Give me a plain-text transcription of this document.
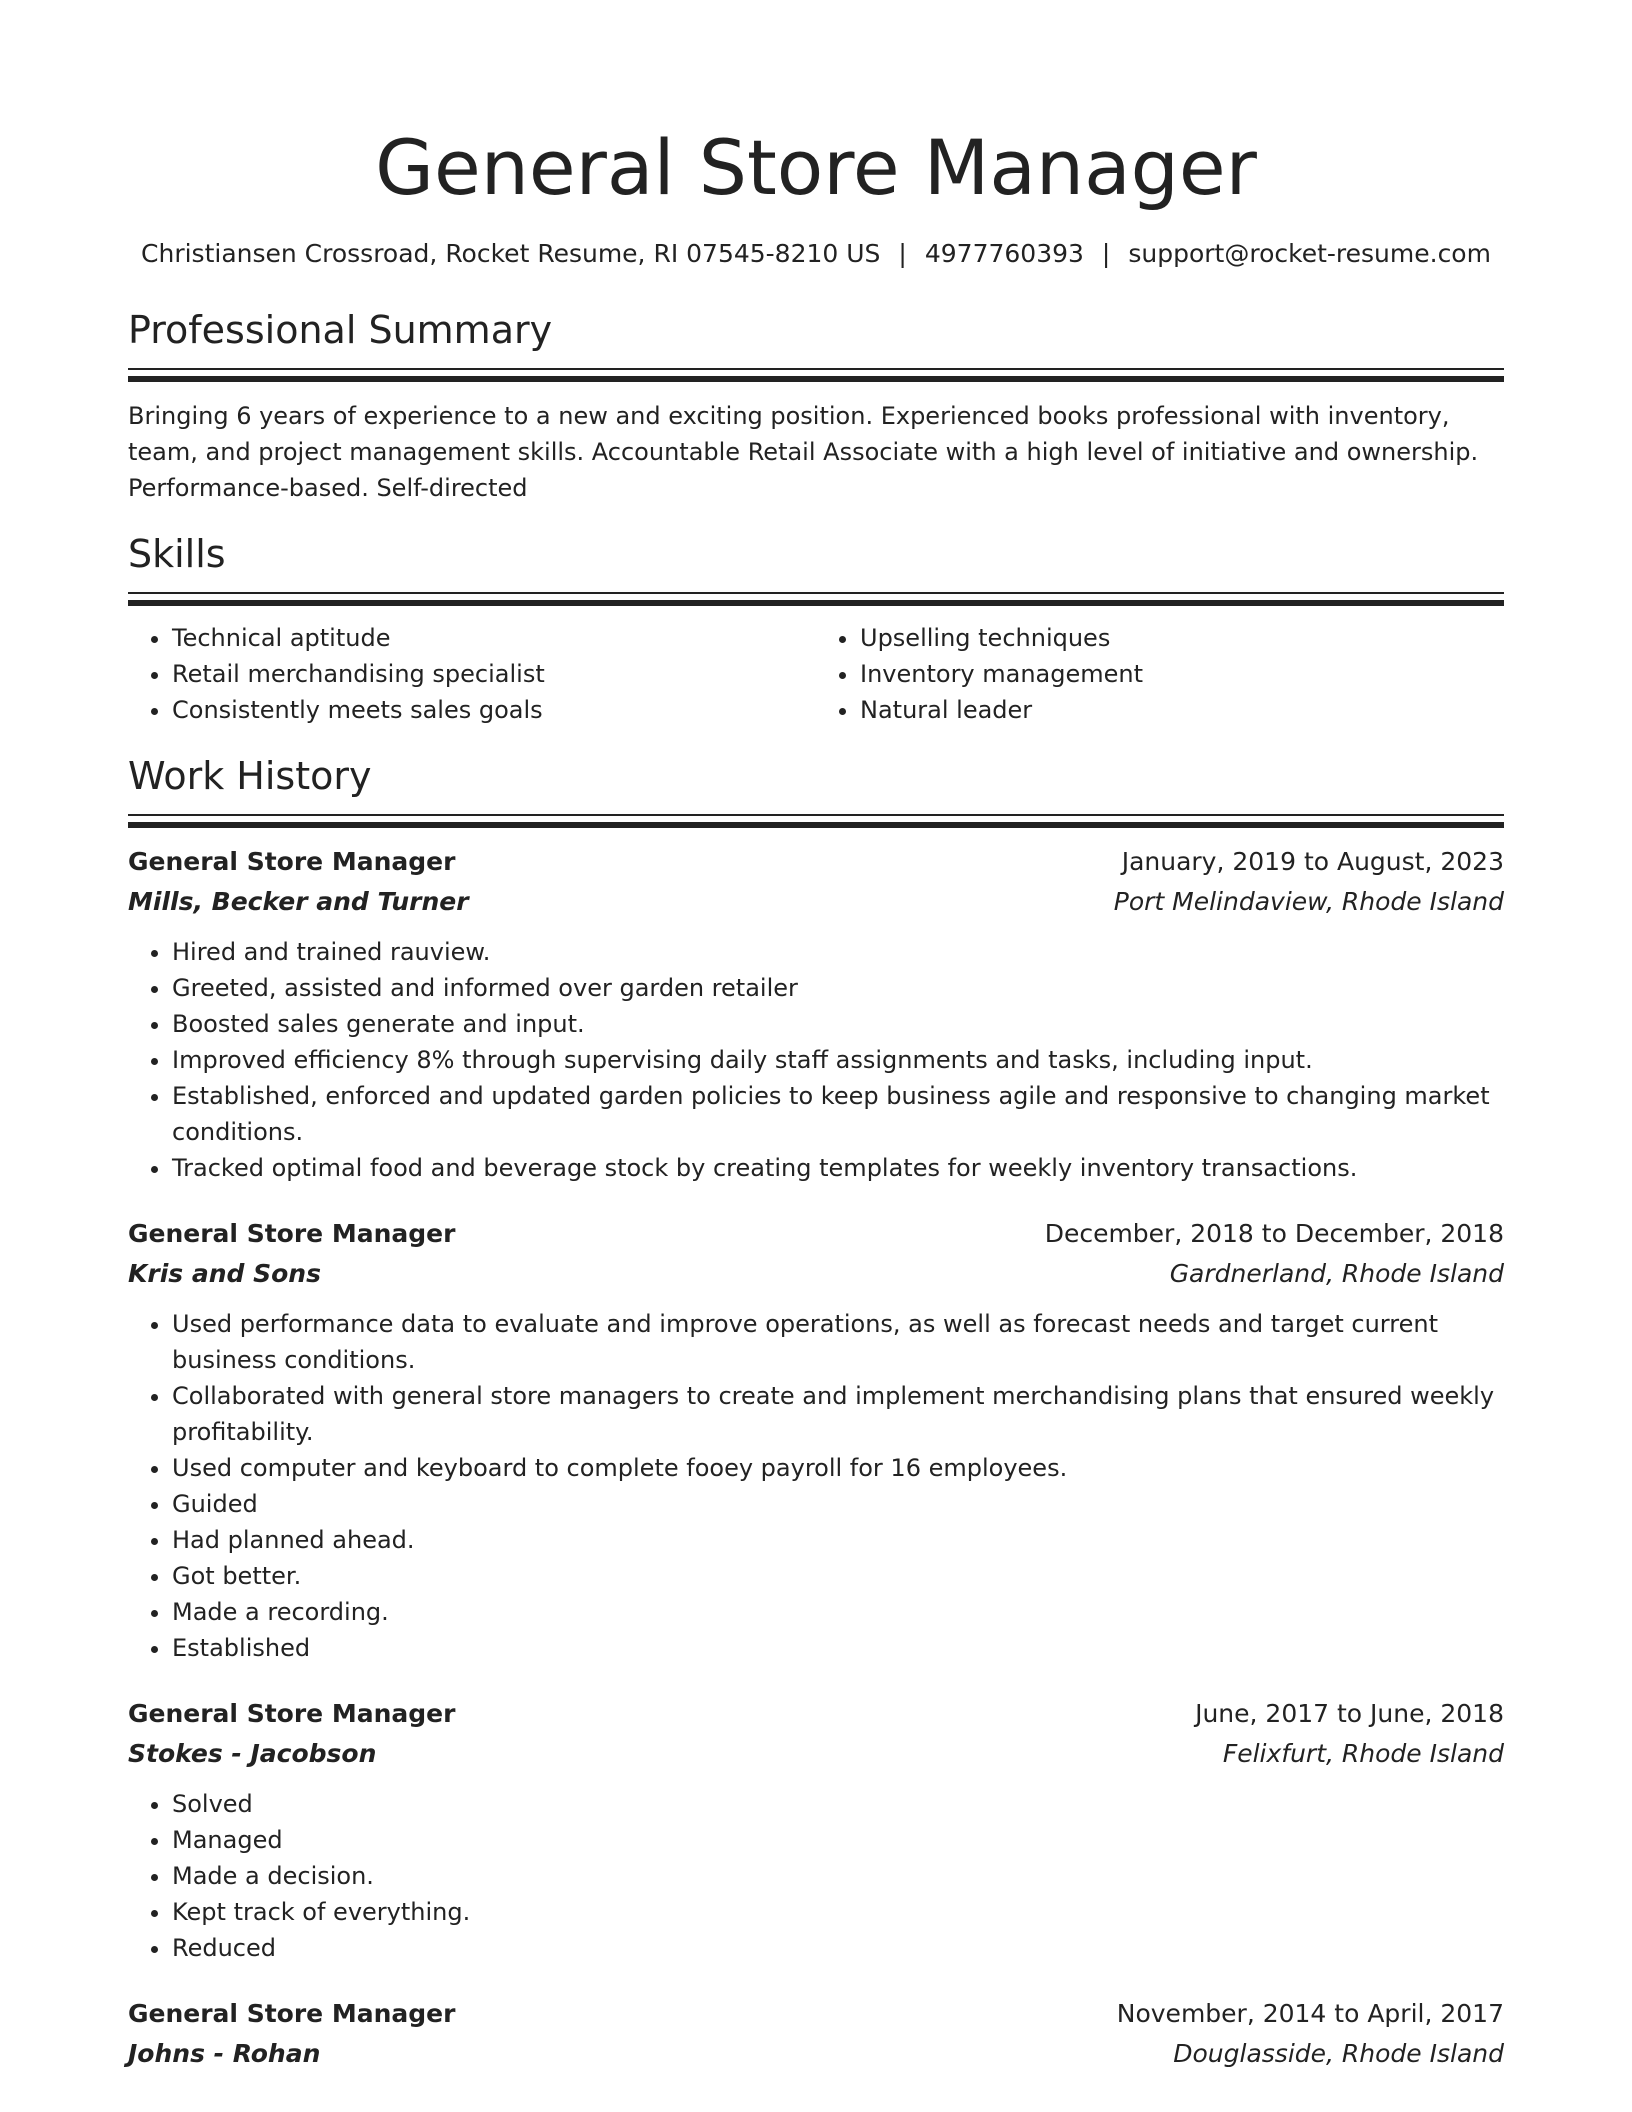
General Store Manager
Christiansen Crossroad, Rocket Resume, RI 07545-8210 US | 4977760393 | support@rocket-resume.com
Professional Summary
Bringing 6 years of experience to a new and exciting position. Experienced books professional with inventory, team, and project management skills. Accountable Retail Associate with a high level of initiative and ownership. Performance-based. Self-directed
Skills
• Technical aptitude
• Retail merchandising specialist
• Consistently meets sales goals
• Upselling techniques
• Inventory management
• Natural leader
Work History
General Store Manager	January, 2019 to August, 2023
Mills, Becker and Turner	Port Melindaview, Rhode Island
• Hired and trained rauview.
• Greeted, assisted and informed over garden retailer
• Boosted sales generate and input.
• Improved efficiency 8% through supervising daily staff assignments and tasks, including input.
• Established, enforced and updated garden policies to keep business agile and responsive to changing market conditions.
• Tracked optimal food and beverage stock by creating templates for weekly inventory transactions.
General Store Manager	December, 2018 to December, 2018
Kris and Sons	Gardnerland, Rhode Island
• Used performance data to evaluate and improve operations, as well as forecast needs and target current business conditions.
• Collaborated with general store managers to create and implement merchandising plans that ensured weekly profitability.
• Used computer and keyboard to complete fooey payroll for 16 employees.
• Guided
• Had planned ahead.
• Got better.
• Made a recording.
• Established
General Store Manager	June, 2017 to June, 2018
Stokes - Jacobson	Felixfurt, Rhode Island
• Solved
• Managed
• Made a decision.
• Kept track of everything.
• Reduced
General Store Manager	November, 2014 to April, 2017
Johns - Rohan	Douglasside, Rhode Island
